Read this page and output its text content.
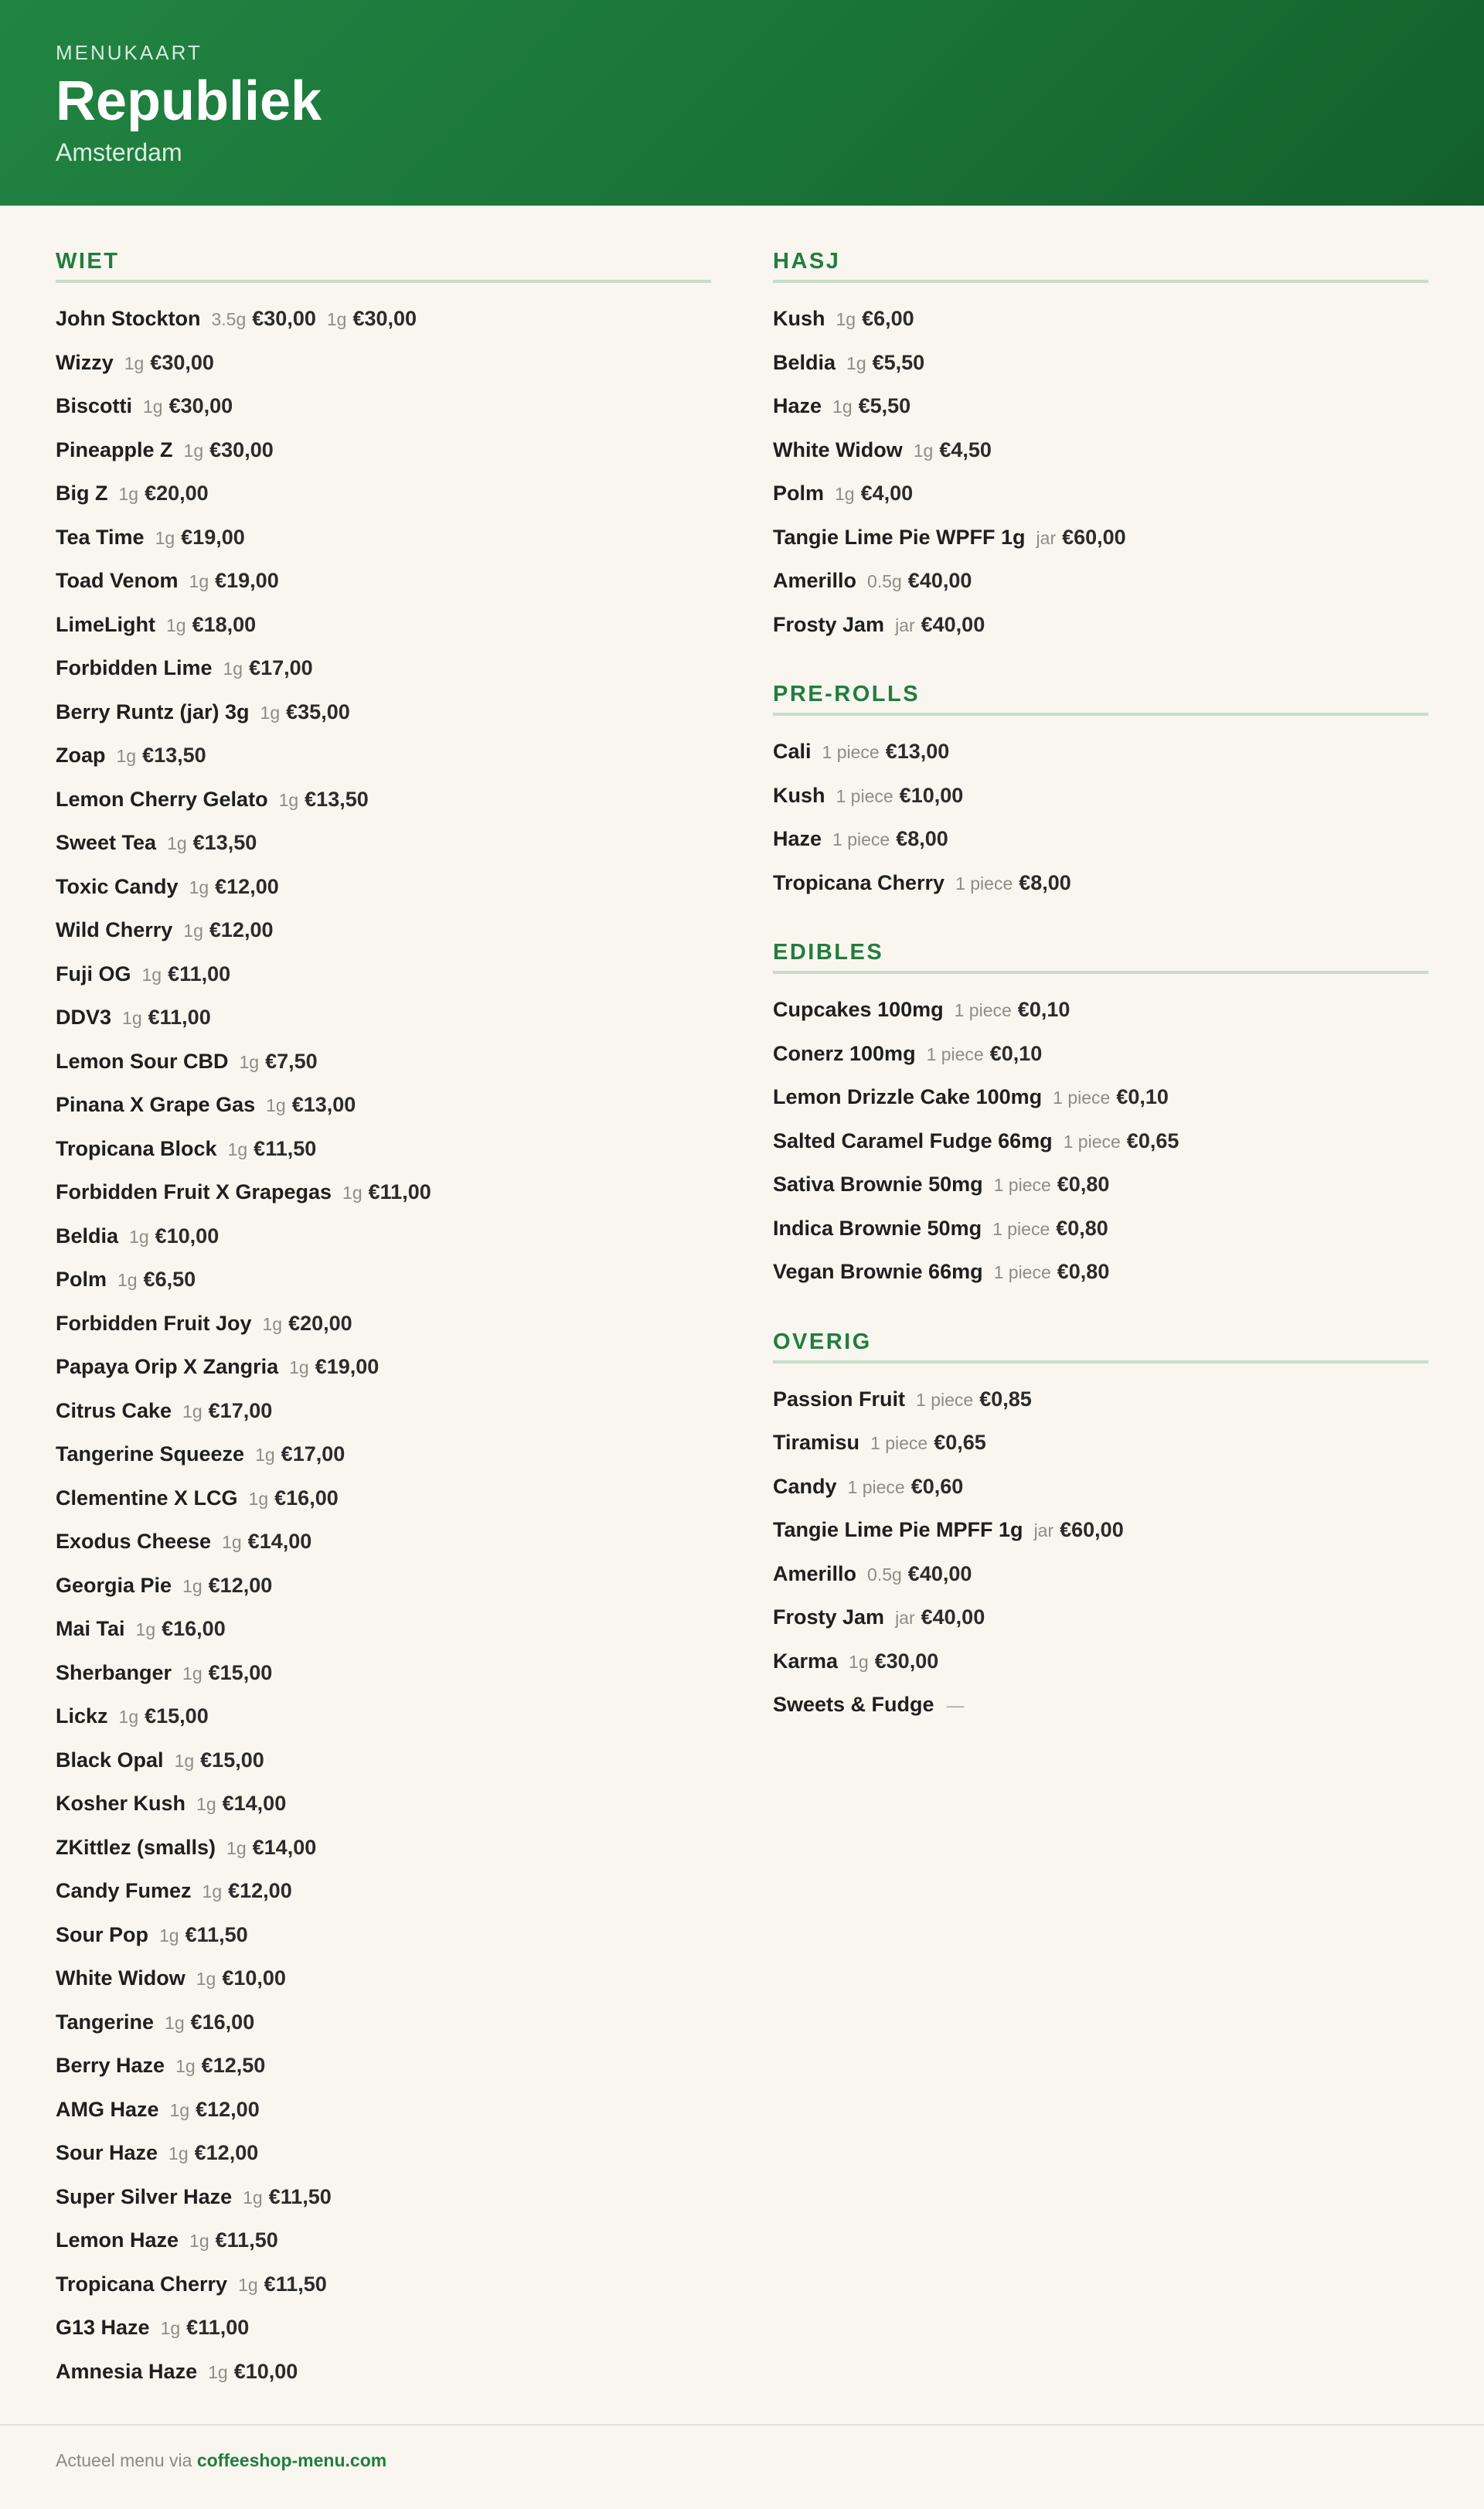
MENUKAART
Republiek
Amsterdam
WIET
John Stockton 3.5g €30,00 1g €30,00
Wizzy 1g €30,00
Biscotti 1g €30,00
Pineapple Z 1g €30,00
Big Z 1g €20,00
Tea Time 1g €19,00
Toad Venom 1g €19,00
LimeLight 1g €18,00
Forbidden Lime 1g €17,00
Berry Runtz (jar) 3g 1g €35,00
Zoap 1g €13,50
Lemon Cherry Gelato 1g €13,50
Sweet Tea 1g €13,50
Toxic Candy 1g €12,00
Wild Cherry 1g €12,00
Fuji OG 1g €11,00
DDV3 1g €11,00
Lemon Sour CBD 1g €7,50
Pinana X Grape Gas 1g €13,00
Tropicana Block 1g €11,50
Forbidden Fruit X Grapegas 1g €11,00
Beldia 1g €10,00
Polm 1g €6,50
Forbidden Fruit Joy 1g €20,00
Papaya Orip X Zangria 1g €19,00
Citrus Cake 1g €17,00
Tangerine Squeeze 1g €17,00
Clementine X LCG 1g €16,00
Exodus Cheese 1g €14,00
Georgia Pie 1g €12,00
Mai Tai 1g €16,00
Sherbanger 1g €15,00
Lickz 1g €15,00
Black Opal 1g €15,00
Kosher Kush 1g €14,00
ZKittlez (smalls) 1g €14,00
Candy Fumez 1g €12,00
Sour Pop 1g €11,50
White Widow 1g €10,00
Tangerine 1g €16,00
Berry Haze 1g €12,50
AMG Haze 1g €12,00
Sour Haze 1g €12,00
Super Silver Haze 1g €11,50
Lemon Haze 1g €11,50
Tropicana Cherry 1g €11,50
G13 Haze 1g €11,00
Amnesia Haze 1g €10,00
HASJ
Kush 1g €6,00
Beldia 1g €5,50
Haze 1g €5,50
White Widow 1g €4,50
Polm 1g €4,00
Tangie Lime Pie WPFF 1g jar €60,00
Amerillo 0.5g €40,00
Frosty Jam jar €40,00
PRE-ROLLS
Cali 1 piece €13,00
Kush 1 piece €10,00
Haze 1 piece €8,00
Tropicana Cherry 1 piece €8,00
EDIBLES
Cupcakes 100mg 1 piece €0,10
Conerz 100mg 1 piece €0,10
Lemon Drizzle Cake 100mg 1 piece €0,10
Salted Caramel Fudge 66mg 1 piece €0,65
Sativa Brownie 50mg 1 piece €0,80
Indica Brownie 50mg 1 piece €0,80
Vegan Brownie 66mg 1 piece €0,80
OVERIG
Passion Fruit 1 piece €0,85
Tiramisu 1 piece €0,65
Candy 1 piece €0,60
Tangie Lime Pie MPFF 1g jar €60,00
Amerillo 0.5g €40,00
Frosty Jam jar €40,00
Karma 1g €30,00
Sweets & Fudge —
Actueel menu via coffeeshop-menu.com
